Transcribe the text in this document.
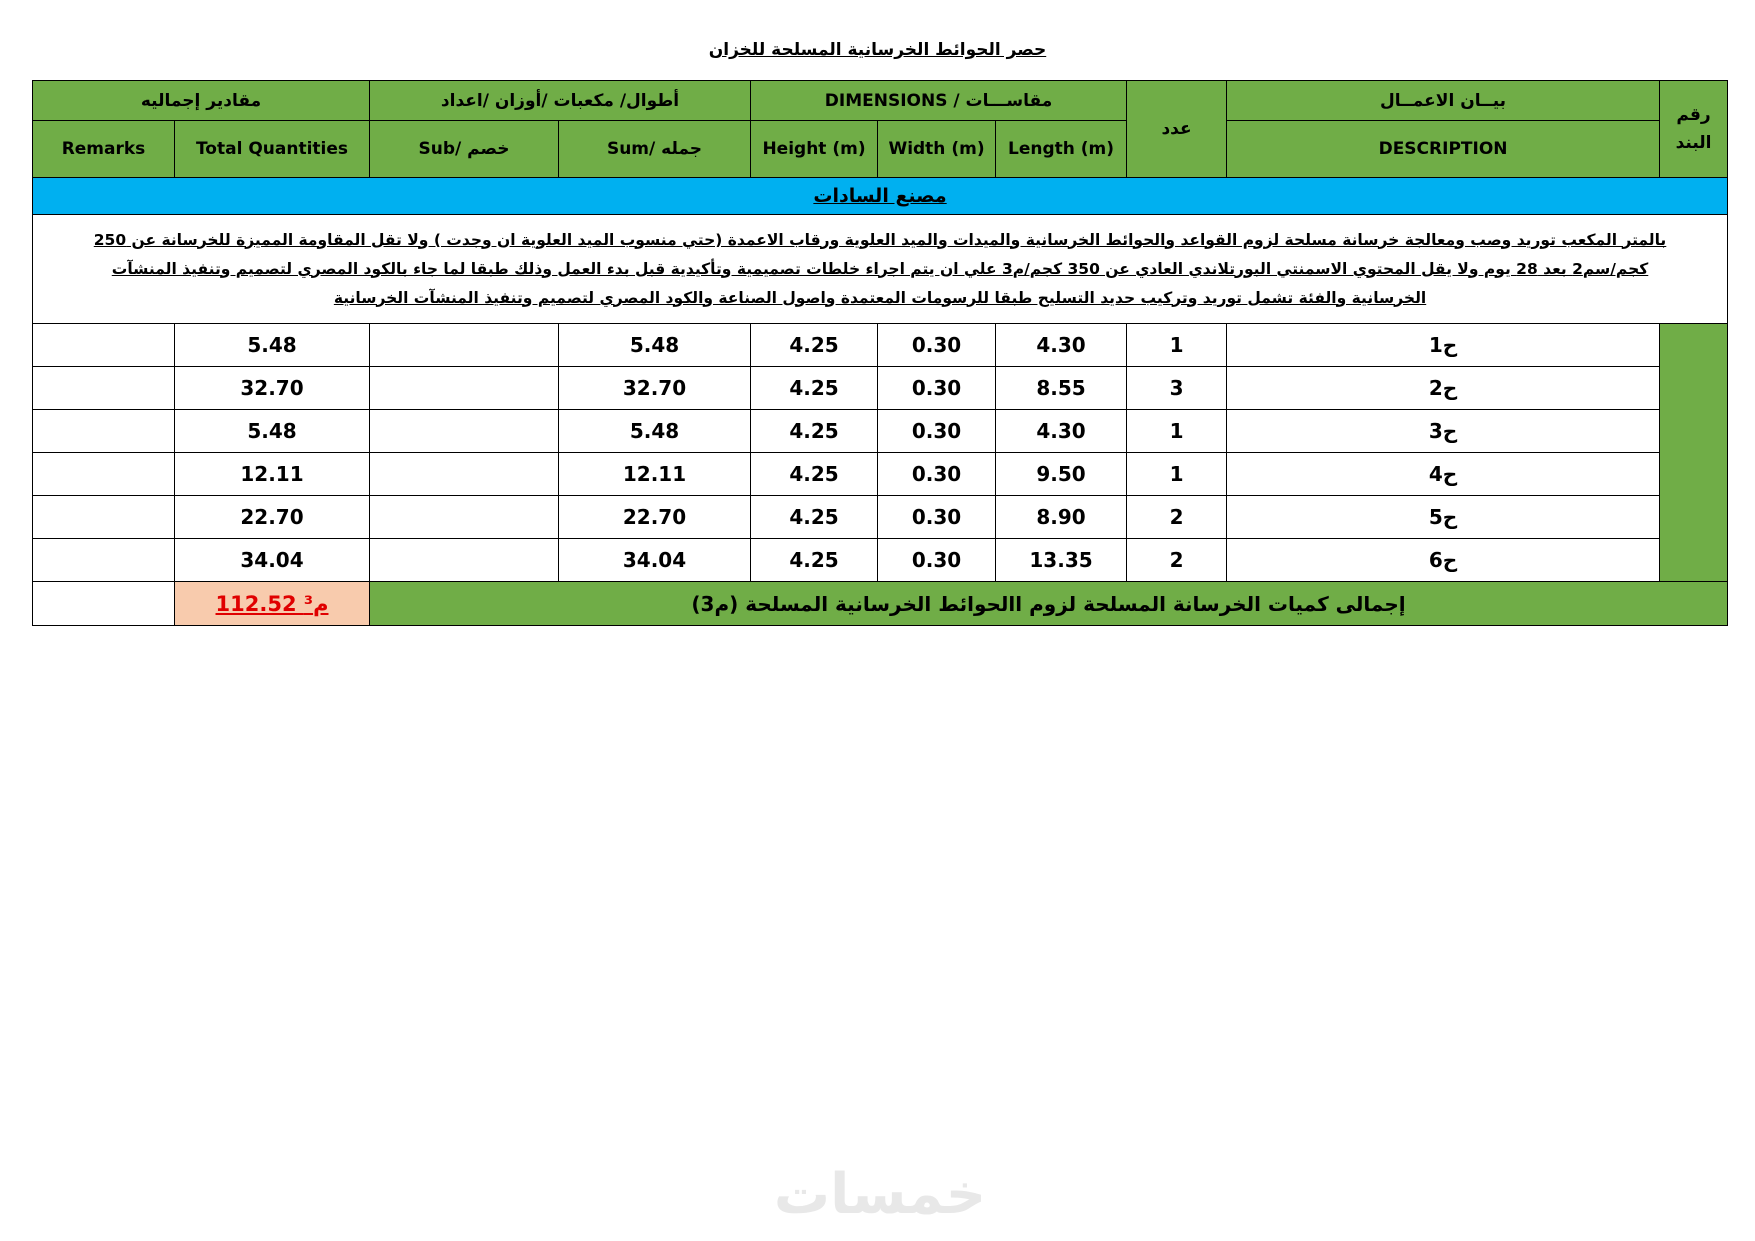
حصر الحوائط الخرسانية المسلحة للخزان
مقادير إجماليه		أطوال/ مكعبات /أوزان /اعداد		DIMENSIONS / مقاســـات			عدد	بيــان الاعمــال	رقم البند
Remarks	Total Quantities	Sub/ خصم	Sum/ جمله	Height (m)	Width (m)	Length (m)		DESCRIPTION	
مصنع السادات									
بالمتر المكعب توريد وصب ومعالجة خرسانة مسلحة لزوم القواعد والحوائط الخرسانية والميدات والميد العلوية ورقاب الاعمدة (حتي منسوب الميد العلوية ان وجدت ) ولا تقل المقاومة المميزة للخرسانة عن 250
كجم/سم2 بعد 28 يوم ولا يقل المحتوي الاسمنتي البورتلاندي العادي عن 350 كجم/م3 علي ان يتم اجراء خلطات تصميمية وتأكيدية قبل بدء العمل وذلك طبقا لما جاء بالكود المصري لتصميم وتنفيذ المنشآت
الخرسانية والفئة تشمل توريد وتركيب حديد التسليح طبقا للرسومات المعتمدة واصول الصناعة والكود المصري لتصميم وتنفيذ المنشآت الخرسانية									
	5.48		5.48	4.25	0.30	4.30	1	ح1	
	32.70		32.70	4.25	0.30	8.55	3	ح2	
	5.48		5.48	4.25	0.30	4.30	1	ح3	
	12.11		12.11	4.25	0.30	9.50	1	ح4	
	22.70		22.70	4.25	0.30	8.90	2	ح5	
	34.04		34.04	4.25	0.30	13.35	2	ح6	
	112.52 م³	إجمالى كميات الخرسانة المسلحة لزوم االحوائط الخرسانية المسلحة (م3)							
خمسات
